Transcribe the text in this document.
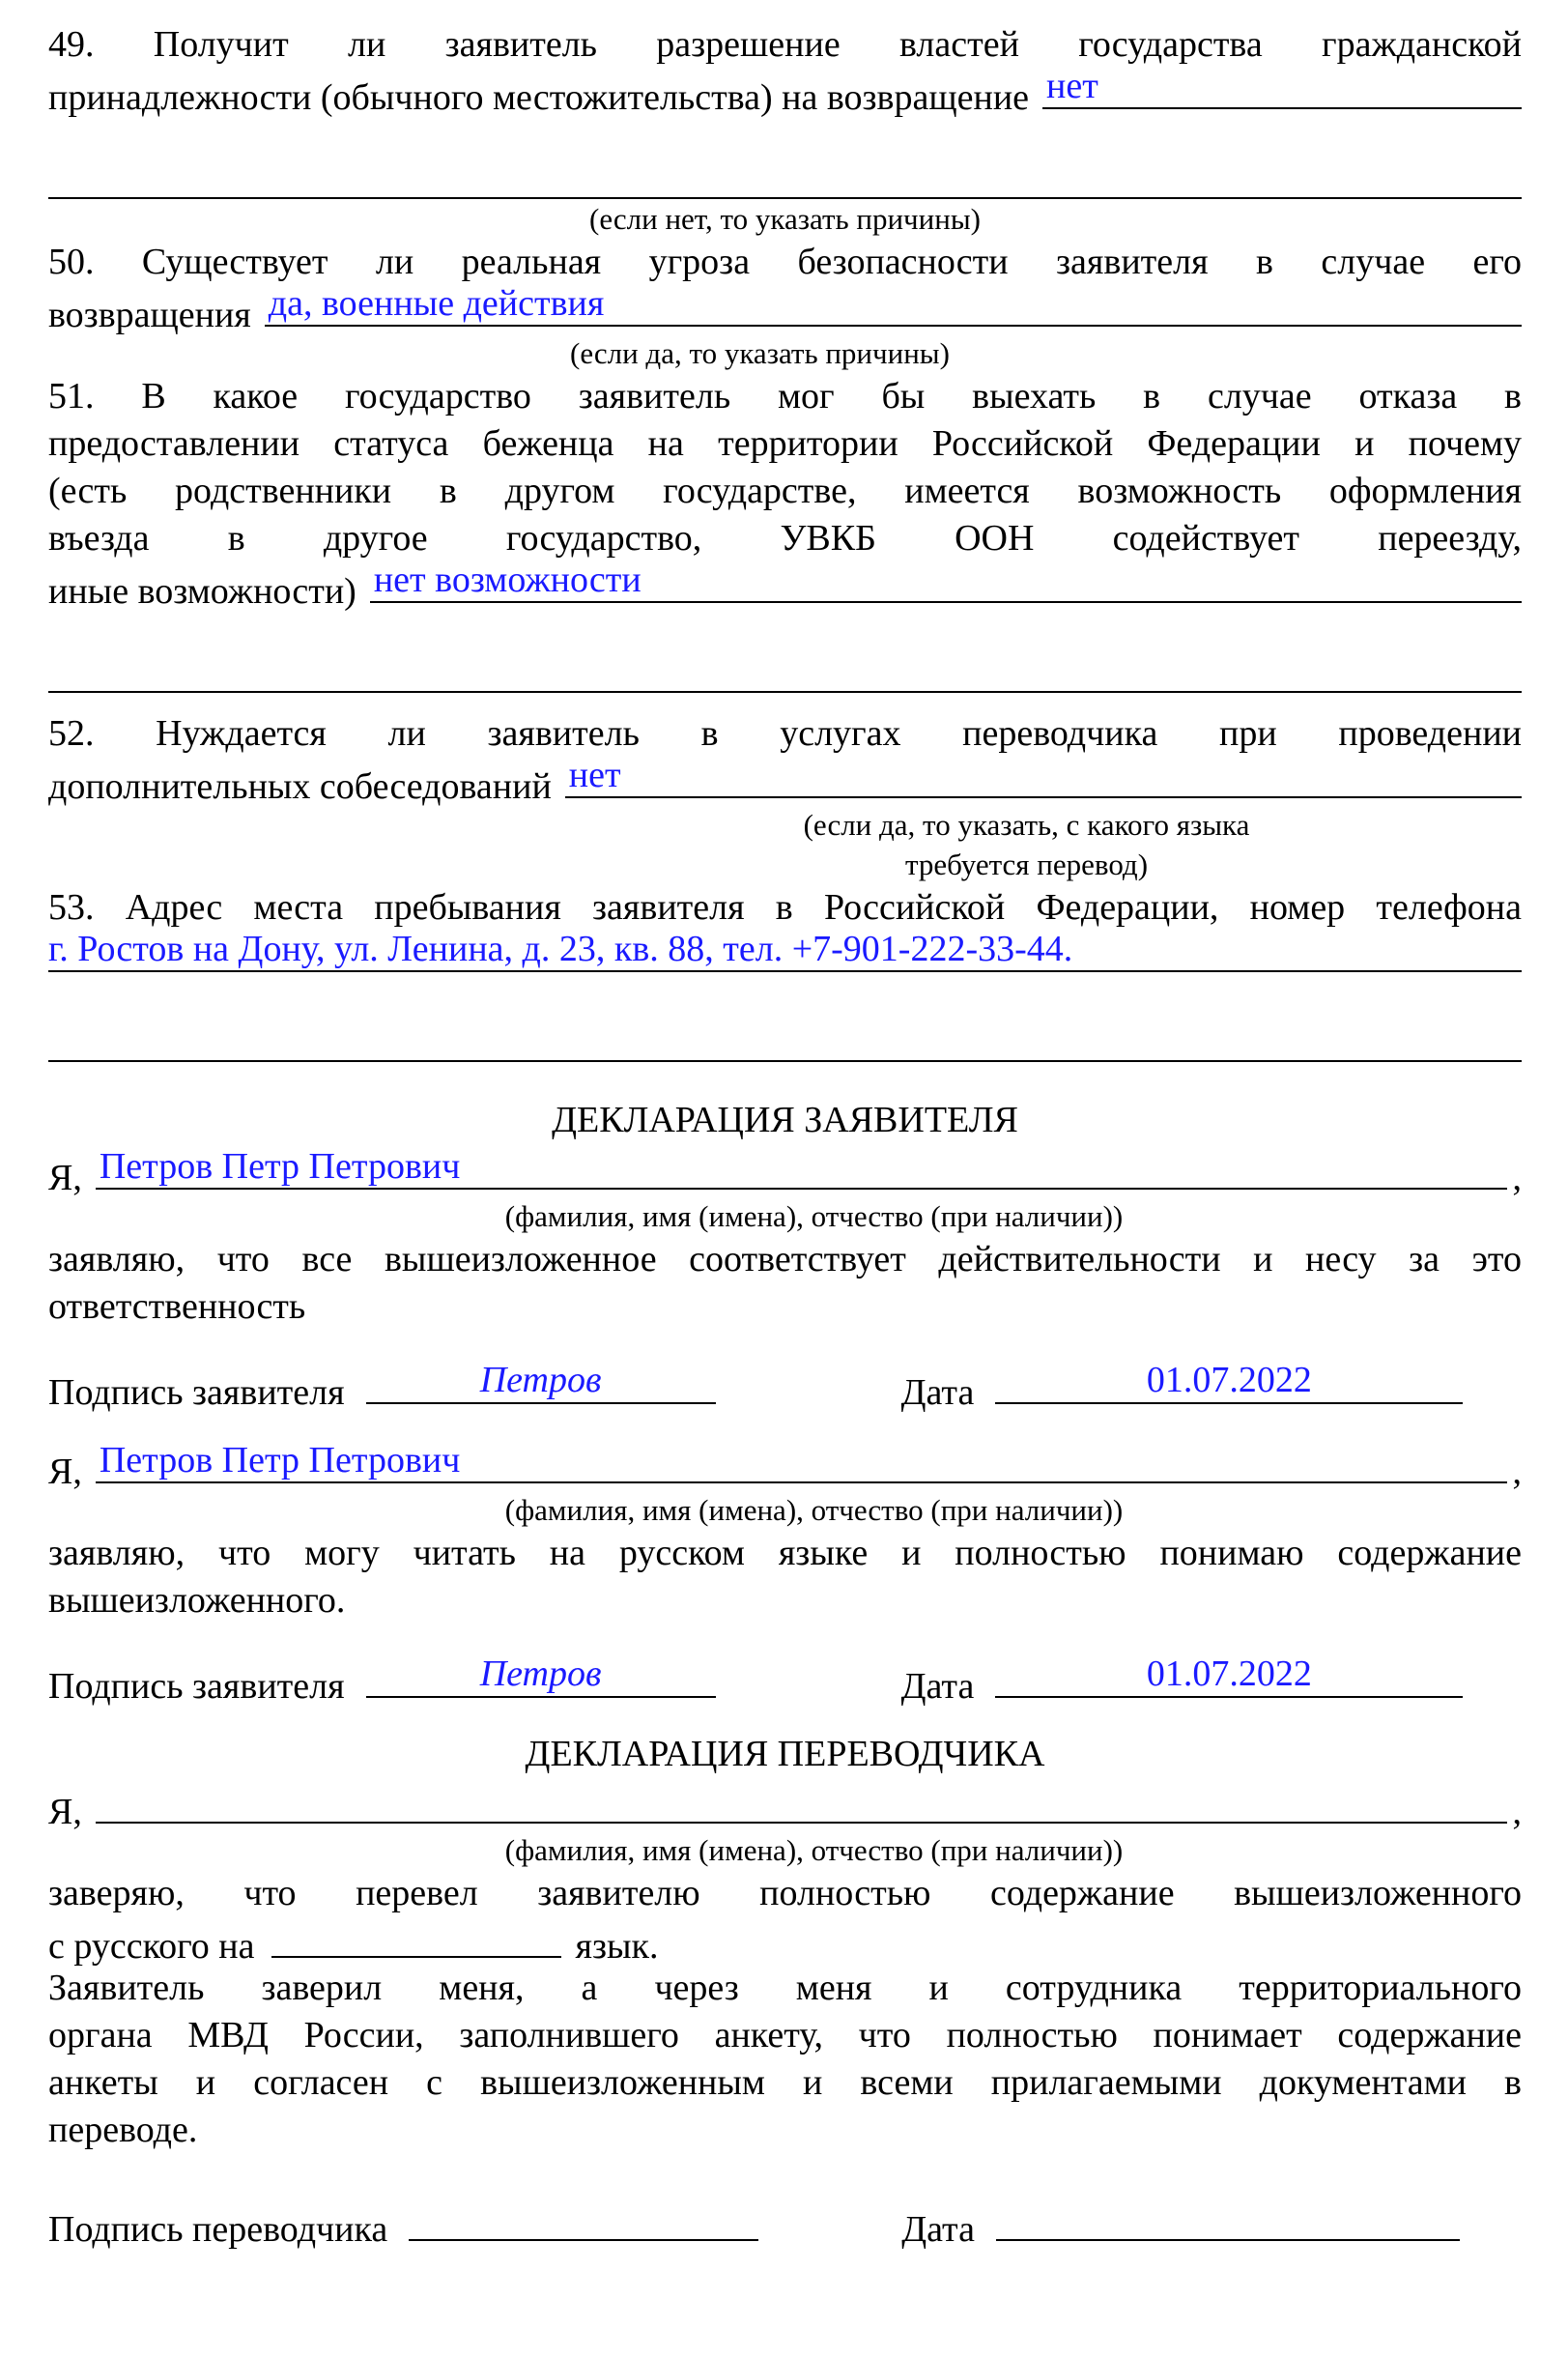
49. Получит ли заявитель разрешение властей государства гражданской
принадлежности (обычного местожительства) на возвращение нет
(если нет, то указать причины)
50. Существует ли реальная угроза безопасности заявителя в случае его
возвращения да, военные действия
(если да, то указать причины)
51. В какое государство заявитель мог бы выехать в случае отказа в
предоставлении статуса беженца на территории Российской Федерации и почему
(есть родственники в другом государстве, имеется возможность оформления
въезда в другое государство, УВКБ ООН содействует переезду,
иные возможности) нет возможности
52. Нуждается ли заявитель в услугах переводчика при проведении
дополнительных собеседований нет
(если да, то указать, с какого языка
требуется перевод)
53. Адрес места пребывания заявителя в Российской Федерации, номер телефона
г. Ростов на Дону, ул. Ленина, д. 23, кв. 88, тел. +7-901-222-33-44.
ДЕКЛАРАЦИЯ ЗАЯВИТЕЛЯ
Я, Петров Петр Петрович	,
(фамилия, имя (имена), отчество (при наличии))
заявляю, что все вышеизложенное соответствует действительности и несу за это
ответственность
Подпись заявителя	Петров	Дата	01.07.2022
Я, Петров Петр Петрович	,
(фамилия, имя (имена), отчество (при наличии))
заявляю, что могу читать на русском языке и полностью понимаю содержание
вышеизложенного.
Подпись заявителя	Петров	Дата	01.07.2022
ДЕКЛАРАЦИЯ ПЕРЕВОДЧИКА
Я,	,
(фамилия, имя (имена), отчество (при наличии))
заверяю, что перевел заявителю полностью содержание вышеизложенного
с русского на	язык.
Заявитель заверил меня, а через меня и сотрудника территориального
органа МВД России, заполнившего анкету, что полностью понимает содержание
анкеты и согласен с вышеизложенным и всеми прилагаемыми документами в
переводе.
Подпись переводчика	Дата
